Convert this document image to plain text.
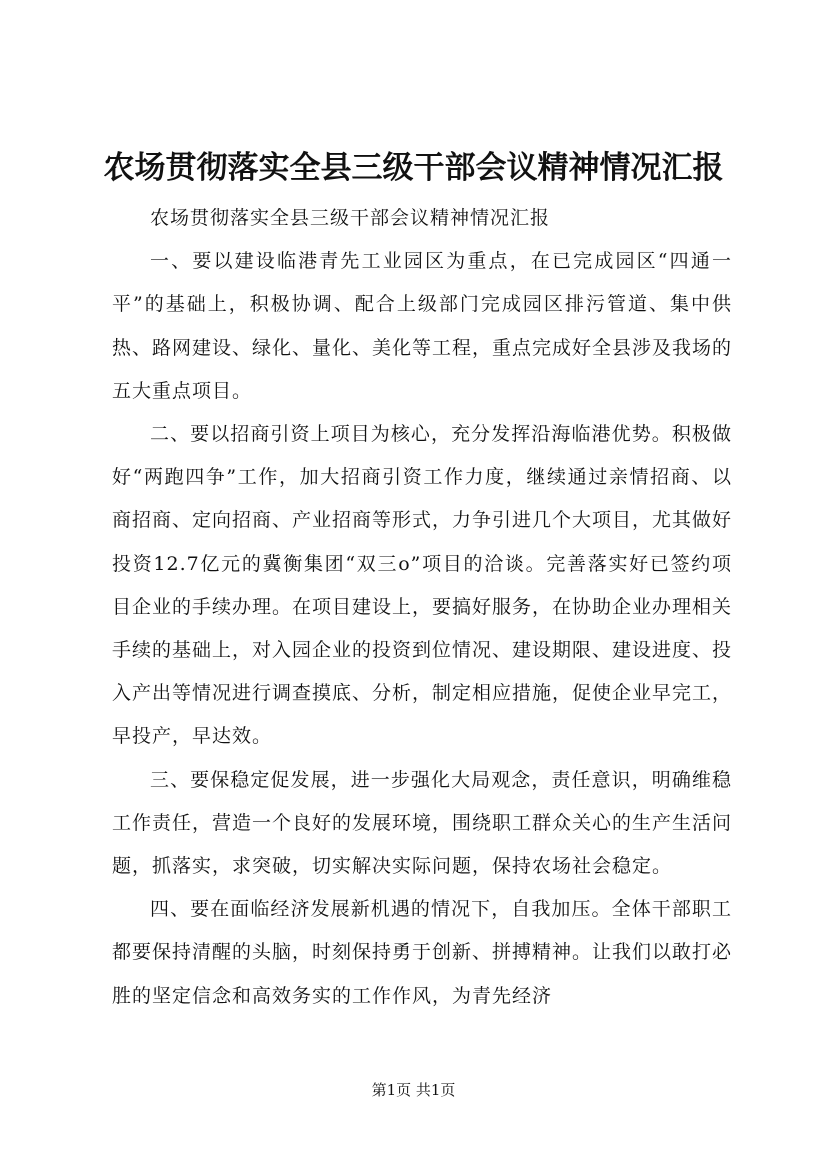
农场贯彻落实全县三级干部会议精神情况汇报

农场贯彻落实全县三级干部会议精神情况汇报

一、要以建设临港青先工业园区为重点，在已完成园区“四通一平”的基础上，积极协调、配合上级部门完成园区排污管道、集中供热、路网建设、绿化、量化、美化等工程，重点完成好全县涉及我场的五大重点项目。

二、要以招商引资上项目为核心，充分发挥沿海临港优势。积极做好“两跑四争”工作，加大招商引资工作力度，继续通过亲情招商、以商招商、定向招商、产业招商等形式，力争引进几个大项目，尤其做好投资12.7亿元的冀衡集团“双三o”项目的洽谈。完善落实好已签约项目企业的手续办理。在项目建设上，要搞好服务，在协助企业办理相关手续的基础上，对入园企业的投资到位情况、建设期限、建设进度、投入产出等情况进行调查摸底、分析，制定相应措施，促使企业早完工，早投产，早达效。

三、要保稳定促发展，进一步强化大局观念，责任意识，明确维稳工作责任，营造一个良好的发展环境，围绕职工群众关心的生产生活问题，抓落实，求突破，切实解决实际问题，保持农场社会稳定。

四、要在面临经济发展新机遇的情况下，自我加压。全体干部职工都要保持清醒的头脑，时刻保持勇于创新、拼搏精神。让我们以敢打必胜的坚定信念和高效务实的工作作风，为青先经济

第1页 共1页
